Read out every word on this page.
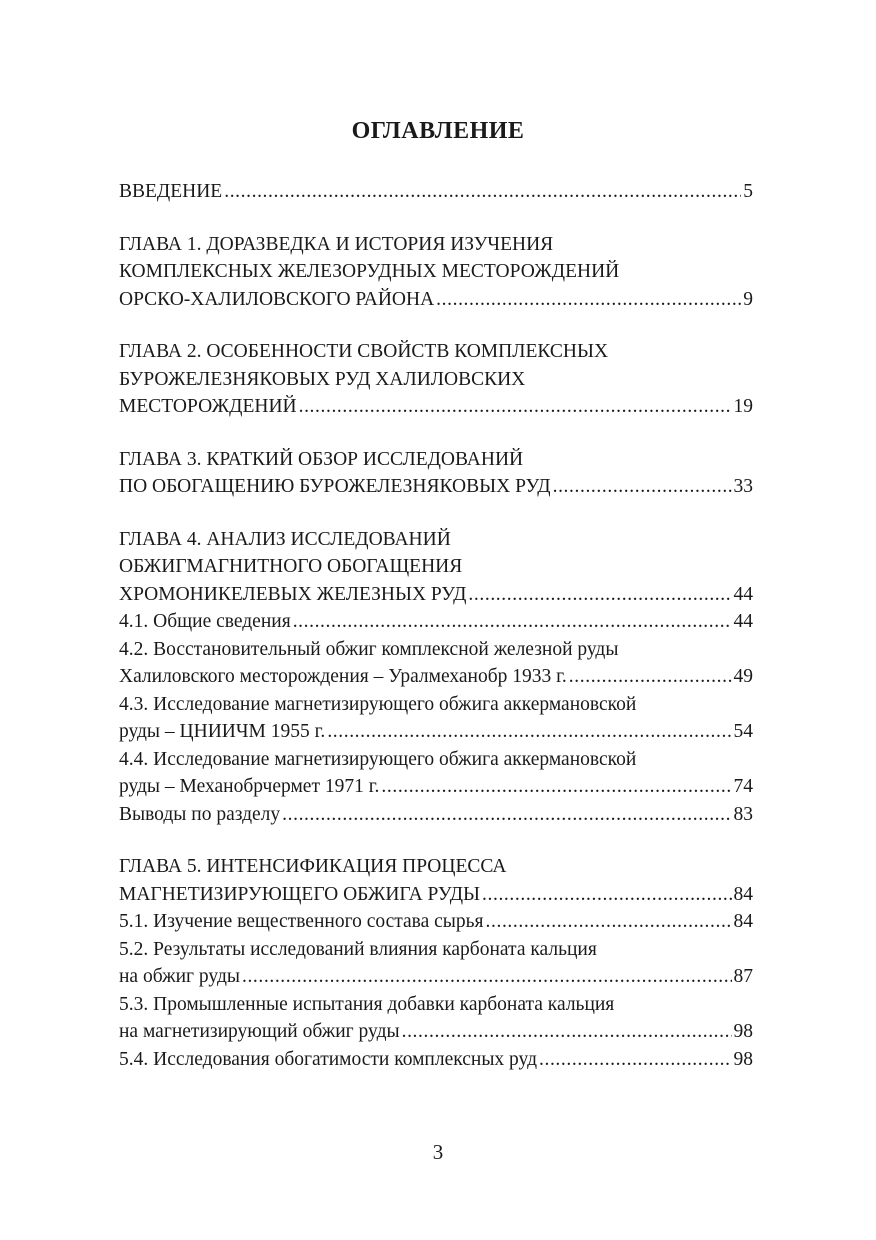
ОГЛАВЛЕНИЕ
ВВЕДЕНИЕ .....	5
ГЛАВА 1. ДОРАЗВЕДКА И ИСТОРИЯ ИЗУЧЕНИЯ
КОМПЛЕКСНЫХ ЖЕЛЕЗОРУДНЫХ МЕСТОРОЖДЕНИЙ
ОРСКО-ХАЛИЛОВСКОГО РАЙОНА .....	9
ГЛАВА 2. ОСОБЕННОСТИ СВОЙСТВ КОМПЛЕКСНЫХ
БУРОЖЕЛЕЗНЯКОВЫХ РУД ХАЛИЛОВСКИХ
МЕСТОРОЖДЕНИЙ .....	19
ГЛАВА 3. КРАТКИЙ ОБЗОР ИССЛЕДОВАНИЙ
ПО ОБОГАЩЕНИЮ БУРОЖЕЛЕЗНЯКОВЫХ РУД .....	33
ГЛАВА 4. АНАЛИЗ ИССЛЕДОВАНИЙ
ОБЖИГМАГНИТНОГО ОБОГАЩЕНИЯ
ХРОМОНИКЕЛЕВЫХ ЖЕЛЕЗНЫХ РУД .....	44
4.1. Общие сведения .....	44
4.2. Восстановительный обжиг комплексной железной руды
Халиловского месторождения – Уралмеханобр 1933 г. .....	49
4.3. Исследование магнетизирующего обжига аккермановской
руды – ЦНИИЧМ 1955 г. .....	54
4.4. Исследование магнетизирующего обжига аккермановской
руды – Механобрчермет 1971 г. .....	74
Выводы по разделу .....	83
ГЛАВА 5. ИНТЕНСИФИКАЦИЯ ПРОЦЕССА
МАГНЕТИЗИРУЮЩЕГО ОБЖИГА РУДЫ .....	84
5.1. Изучение вещественного состава сырья .....	84
5.2. Результаты исследований влияния карбоната кальция
на обжиг руды .....	87
5.3. Промышленные испытания добавки карбоната кальция
на магнетизирующий обжиг руды .....	98
5.4. Исследования обогатимости комплексных руд .....	98
3
